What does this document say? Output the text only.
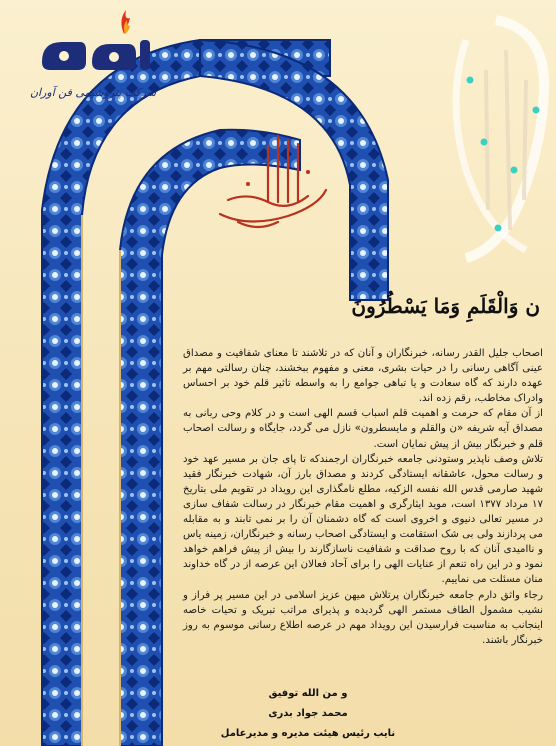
شرکت پتروشیمی فن آوران
ن وَالْقَلَمِ وَمَا یَسْطُرُونَ

اصحاب جلیل القدر رسانه، خبرنگاران و آنان که در تلاشند تا معنای شفافیت و مصداق عینی آگاهی رسانی را در حیات بشری، معنی و مفهوم ببخشند، چنان رسالتی مهم بر عهده دارند که گاه سعادت و یا تباهی جوامع را به واسطه تاثیر قلم خود بر احساس وادراک مخاطب، رقم زده اند.

از آن مقام که حرمت و اهمیت قلم اسباب قسم الهی است و در کلام وحی ربانی به مصداق آیه شریفه «ن والقلم و مایسطرون» نازل می گردد، جایگاه و رسالت اصحاب قلم و خبرنگار بیش از پیش نمایان است.

تلاش وصف ناپذیر وستودنی جامعه خبرنگاران ارجمندکه تا پای جان بر مسیر عهد خود و رسالت محول، عاشقانه ایستادگی کردند و مصداق بارز آن، شهادت خبرنگار فقید شهید صارمی قدس الله نفسه الزکیه، مطلع نامگذاری این رویداد در تقویم ملی بتاریخ ۱۷ مرداد ۱۳۷۷ است، موید ایثارگری و اهمیت مقام خبرنگار در رسالت شفاف سازی در مسیر تعالی دنیوی و اخروی است که گاه دشمنان آن را بر نمی تابند و به مقابله می پردازند ولی بی شک استقامت و ایستادگی اصحاب رسانه و خبرنگاران، زمینه یاس و ناامیدی آنان که با روح صداقت و شفافیت ناسازگارند را بیش از پیش فراهم خواهد نمود و در این راه تنعم از عنایات الهی را برای آحاد فعالان این عرصه از در گاه خداوند منان مسئلت می نماییم.

رجاء واثق دارم جامعه خبرنگاران پرتلاش میهن عزیز اسلامی در این مسیر پر فراز و نشیب مشمول الطاف مستمر الهی گردیده و پذیرای مراتب تبریک و تحیات خاصه اینجانب به مناسبت فرارسیدن این رویداد مهم در عرصه اطلاع رسانی موسوم به روز خبرنگار باشند.

و من الله توفیق
محمد جواد بدری
نایب رئیس هیئت مدیره و مدیرعامل
